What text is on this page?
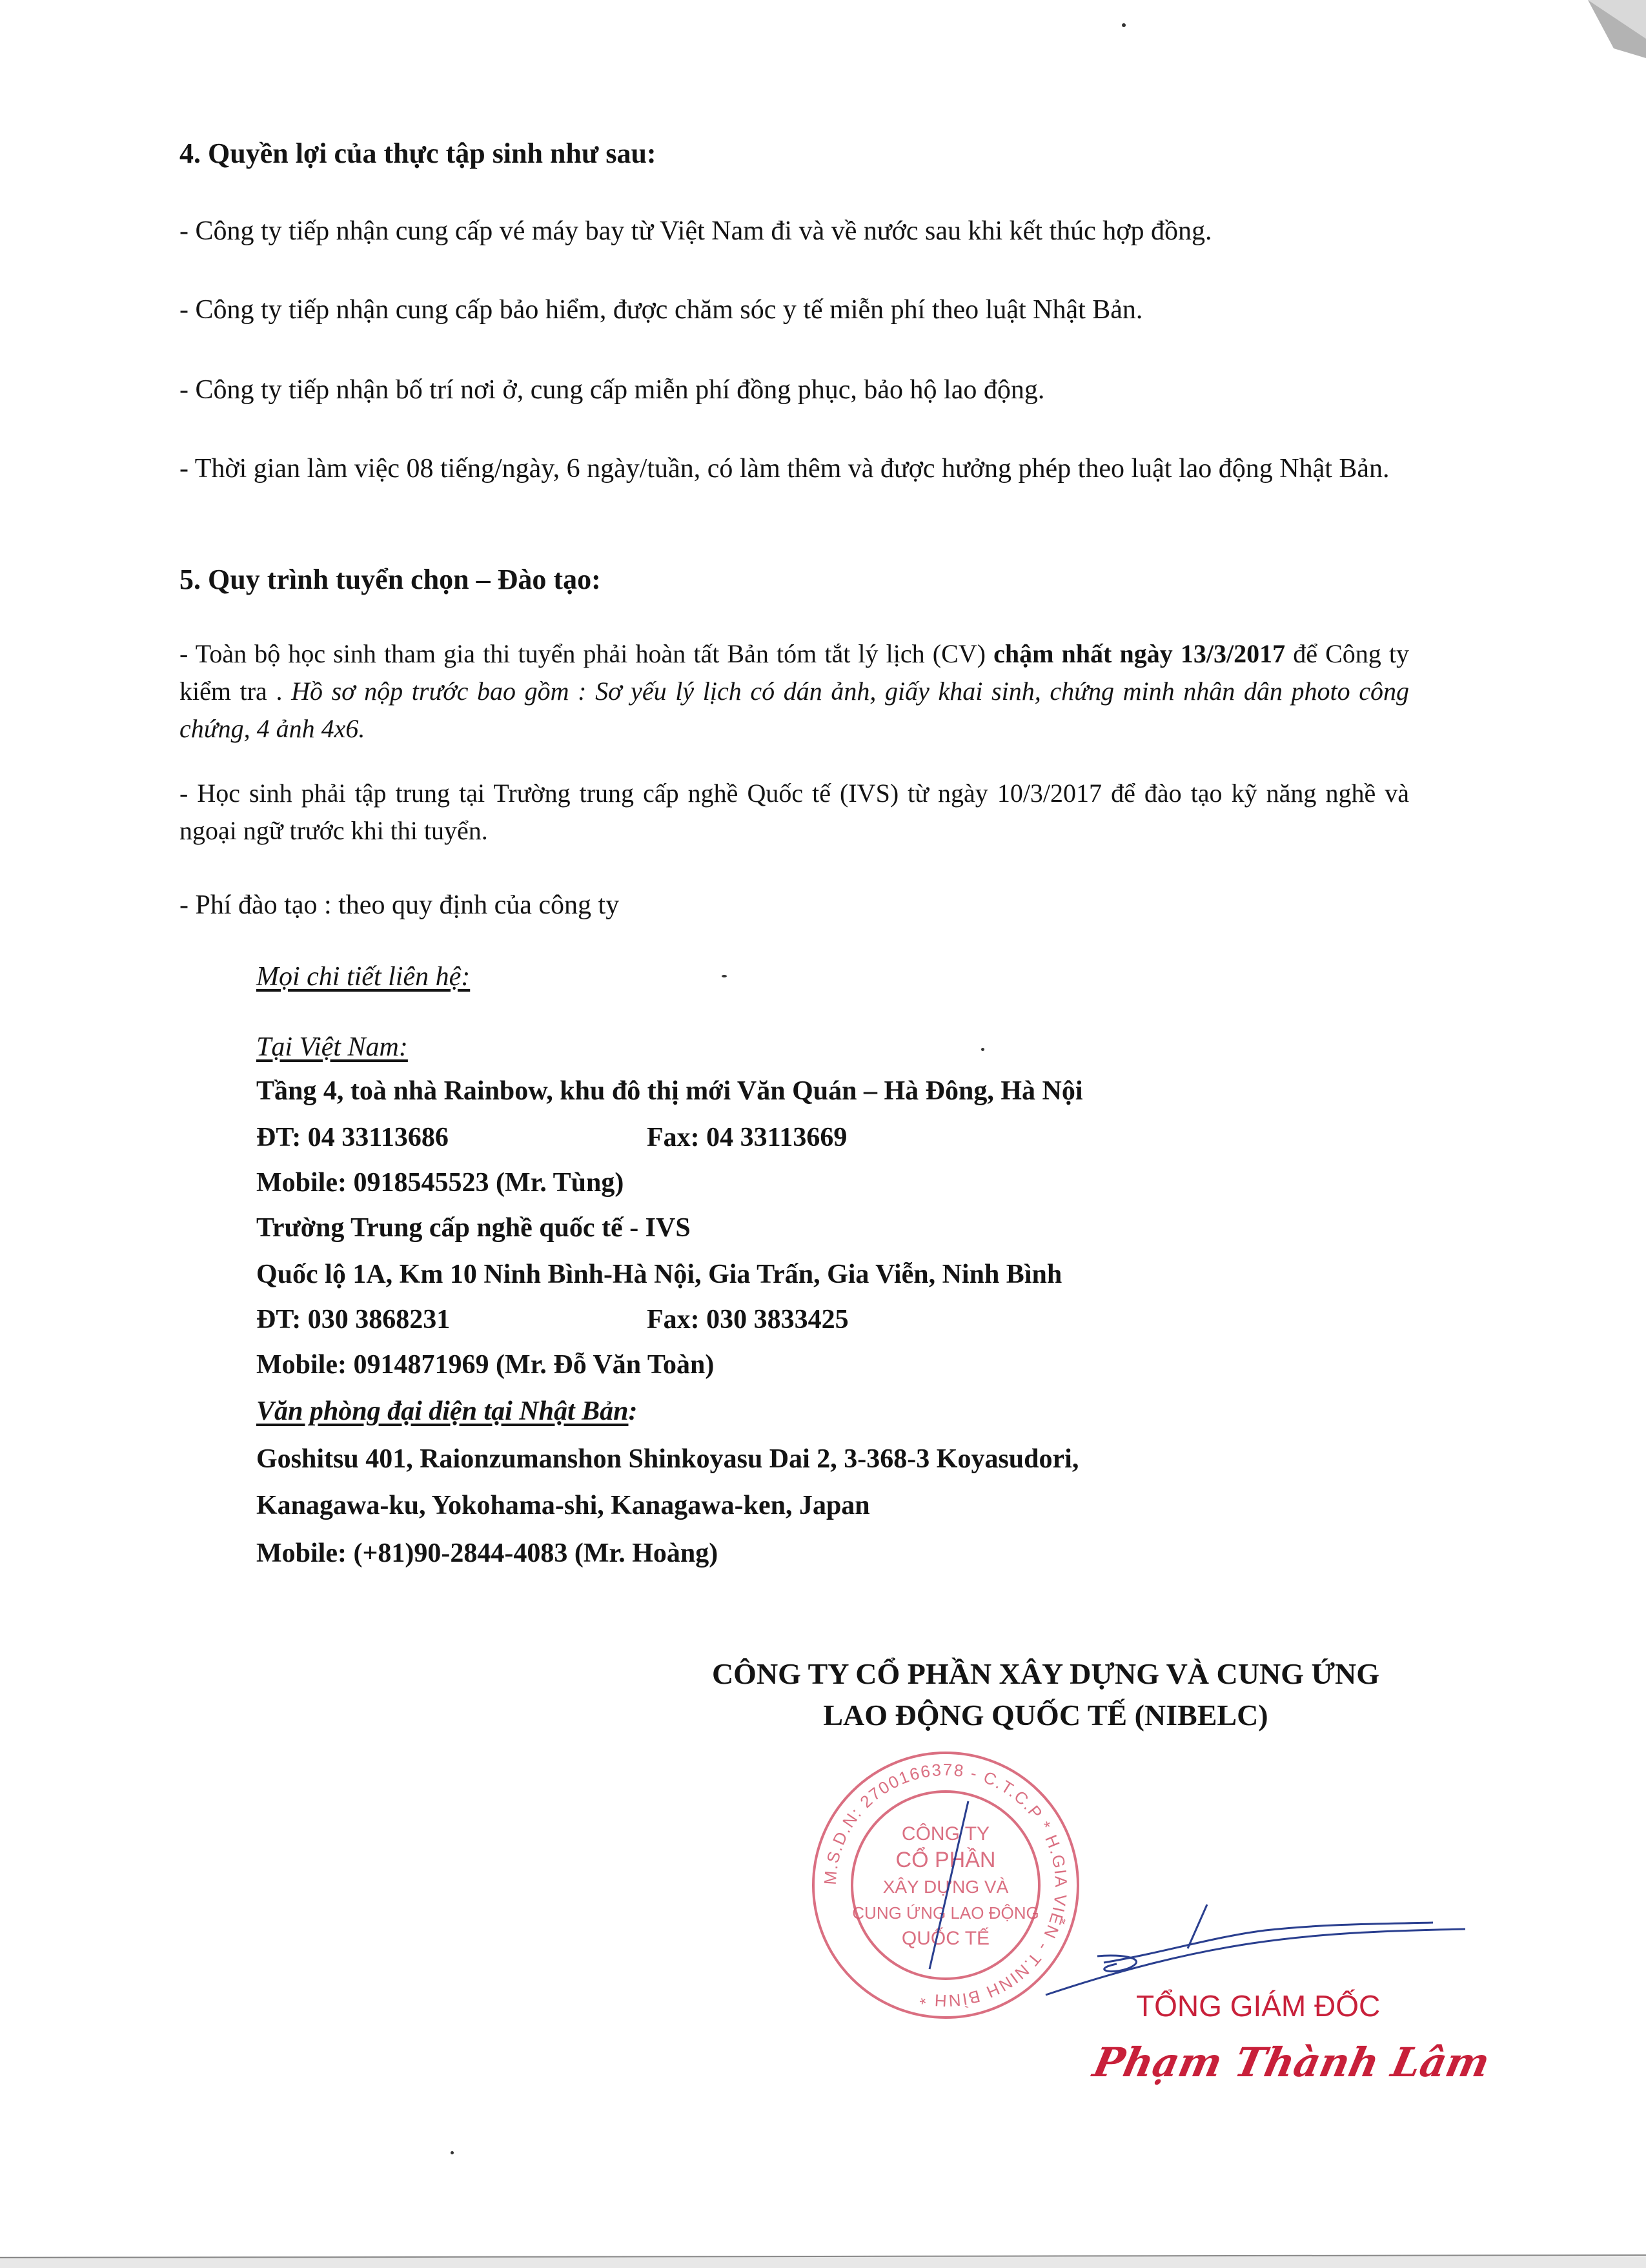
4. Quyền lợi của thực tập sinh như sau:
- Công ty tiếp nhận cung cấp vé máy bay từ Việt Nam đi và về nước sau khi kết thúc hợp đồng.
- Công ty tiếp nhận cung cấp bảo hiểm, được chăm sóc y tế miễn phí theo luật Nhật Bản.
- Công ty tiếp nhận bố trí nơi ở, cung cấp miễn phí đồng phục, bảo hộ lao động.
- Thời gian làm việc 08 tiếng/ngày, 6 ngày/tuần, có làm thêm và được hưởng phép theo luật lao động Nhật Bản.
5. Quy trình tuyển chọn – Đào tạo:
- Toàn bộ học sinh tham gia thi tuyển phải hoàn tất Bản tóm tắt lý lịch (CV) chậm nhất ngày 13/3/2017 để Công ty kiểm tra . Hồ sơ nộp trước bao gồm : Sơ yếu lý lịch có dán ảnh, giấy khai sinh, chứng minh nhân dân photo công chứng, 4 ảnh 4x6.
- Học sinh phải tập trung tại Trường trung cấp nghề Quốc tế (IVS) từ ngày 10/3/2017 để đào tạo kỹ năng nghề và ngoại ngữ trước khi thi tuyển.
- Phí đào tạo : theo quy định của công ty
Mọi chi tiết liên hệ:
Tại Việt Nam:
Tầng 4, toà nhà Rainbow, khu đô thị mới Văn Quán – Hà Đông, Hà Nội
ĐT: 04 33113686	Fax: 04 33113669
Mobile: 0918545523 (Mr. Tùng)
Trường Trung cấp nghề quốc tế - IVS
Quốc lộ 1A, Km 10 Ninh Bình-Hà Nội, Gia Trấn, Gia Viễn, Ninh Bình
ĐT: 030 3868231	Fax: 030 3833425
Mobile: 0914871969 (Mr. Đỗ Văn Toàn)
Văn phòng đại diện tại Nhật Bản:
Goshitsu 401, Raionzumanshon Shinkoyasu Dai 2, 3-368-3 Koyasudori,
Kanagawa-ku, Yokohama-shi, Kanagawa-ken, Japan
Mobile: (+81)90-2844-4083 (Mr. Hoàng)
CÔNG TY CỔ PHẦN XÂY DỰNG VÀ CUNG ỨNG
LAO ĐỘNG QUỐC TẾ (NIBELC)
M.S.D.N: 2700166378 - C.T.C.P * H.GIA VIỄN - T.NINH BÌNH *
CÔNG TY
CỔ PHẦN
XÂY DỰNG VÀ
CUNG ỨNG LAO ĐỘNG
QUỐC TẾ
TỔNG GIÁM ĐỐC
Phạm Thành Lâm
